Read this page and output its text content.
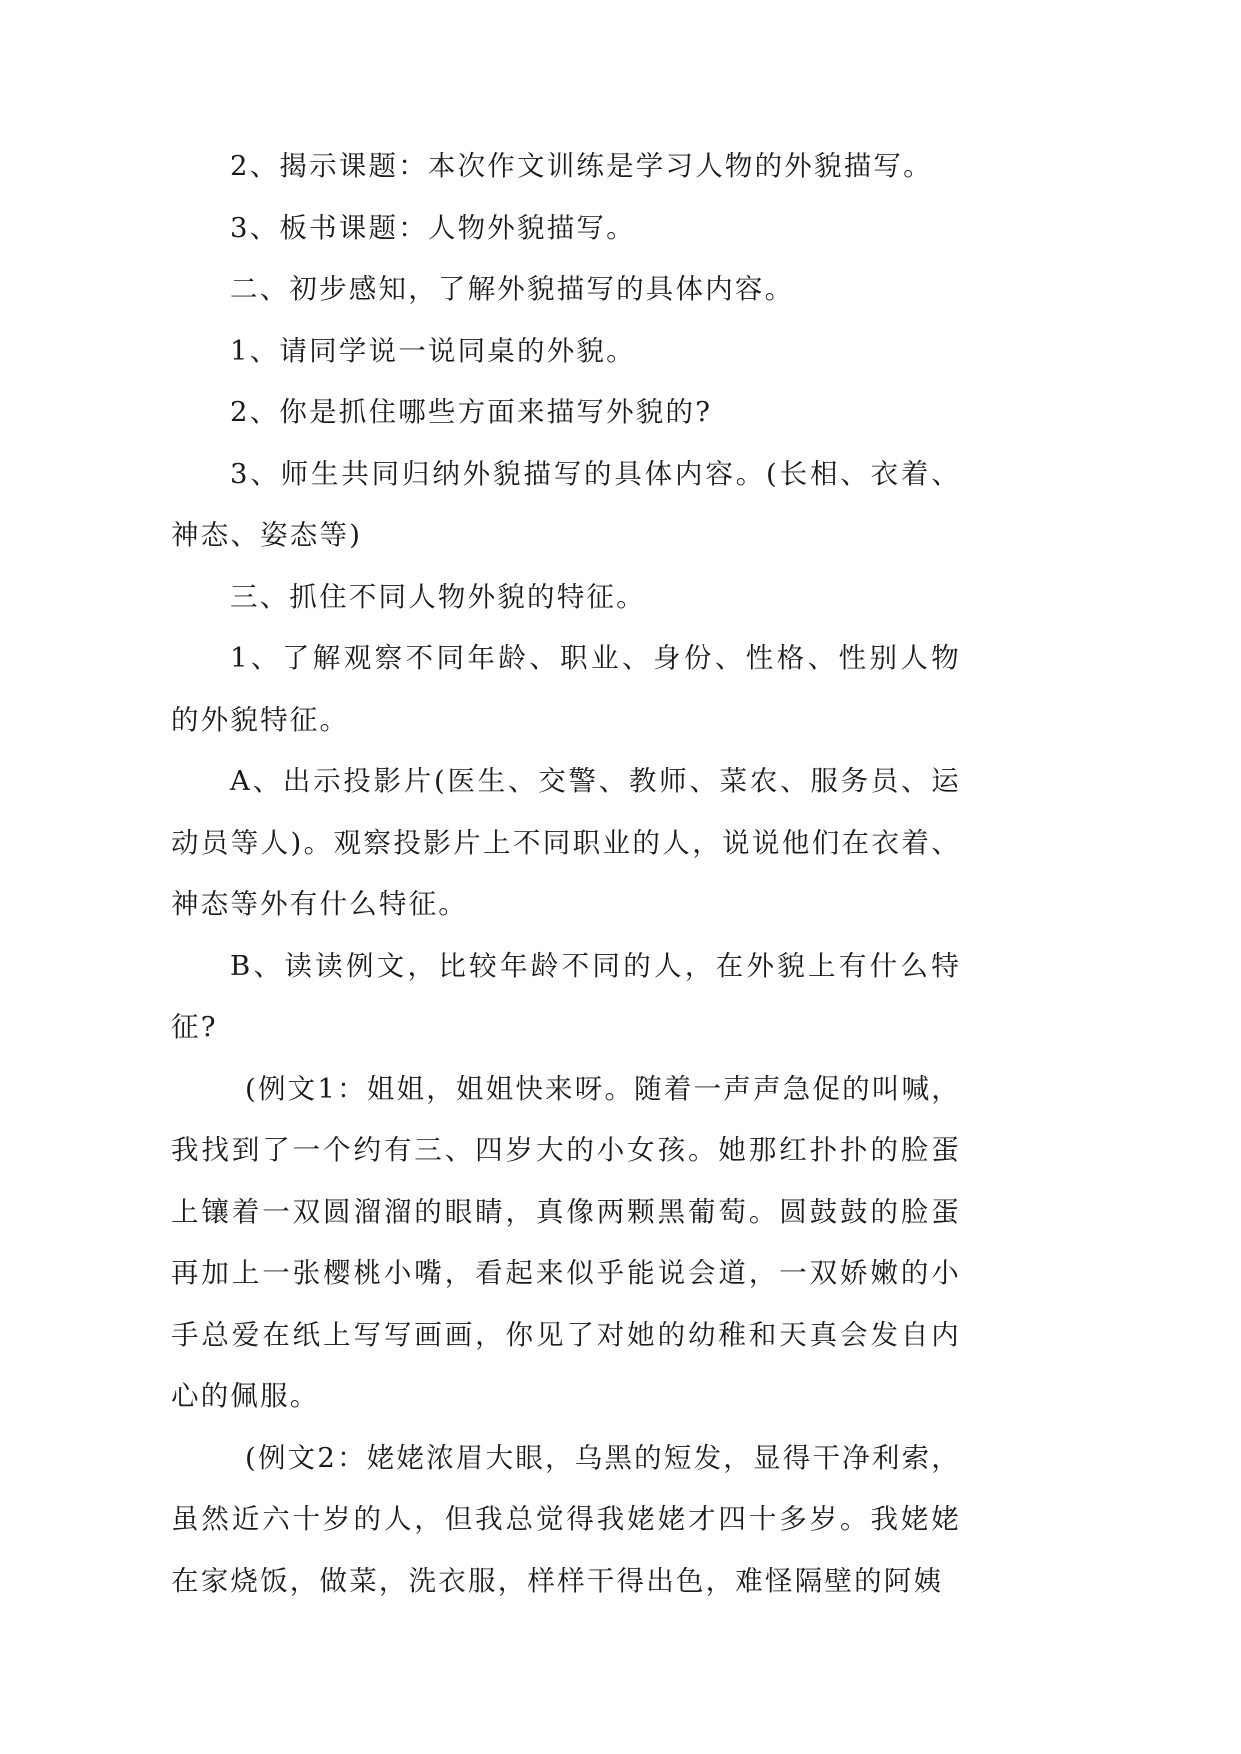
2、揭示课题：本次作文训练是学习人物的外貌描写。

3、板书课题：人物外貌描写。

二、初步感知，了解外貌描写的具体内容。

1、请同学说一说同桌的外貌。

2、你是抓住哪些方面来描写外貌的?

3、师生共同归纳外貌描写的具体内容。(长相、衣着、神态、姿态等)

三、抓住不同人物外貌的特征。

1、了解观察不同年龄、职业、身份、性格、性别人物的外貌特征。

A、出示投影片(医生、交警、教师、菜农、服务员、运动员等人)。观察投影片上不同职业的人，说说他们在衣着、神态等外有什么特征。

B、读读例文，比较年龄不同的人，在外貌上有什么特征?

(例文1：姐姐，姐姐快来呀。随着一声声急促的叫喊，我找到了一个约有三、四岁大的小女孩。她那红扑扑的脸蛋上镶着一双圆溜溜的眼睛，真像两颗黑葡萄。圆鼓鼓的脸蛋再加上一张樱桃小嘴，看起来似乎能说会道，一双娇嫩的小手总爱在纸上写写画画，你见了对她的幼稚和天真会发自内心的佩服。

(例文2：姥姥浓眉大眼，乌黑的短发，显得干净利索，虽然近六十岁的人，但我总觉得我姥姥才四十多岁。我姥姥在家烧饭，做菜，洗衣服，样样干得出色，难怪隔壁的阿姨
